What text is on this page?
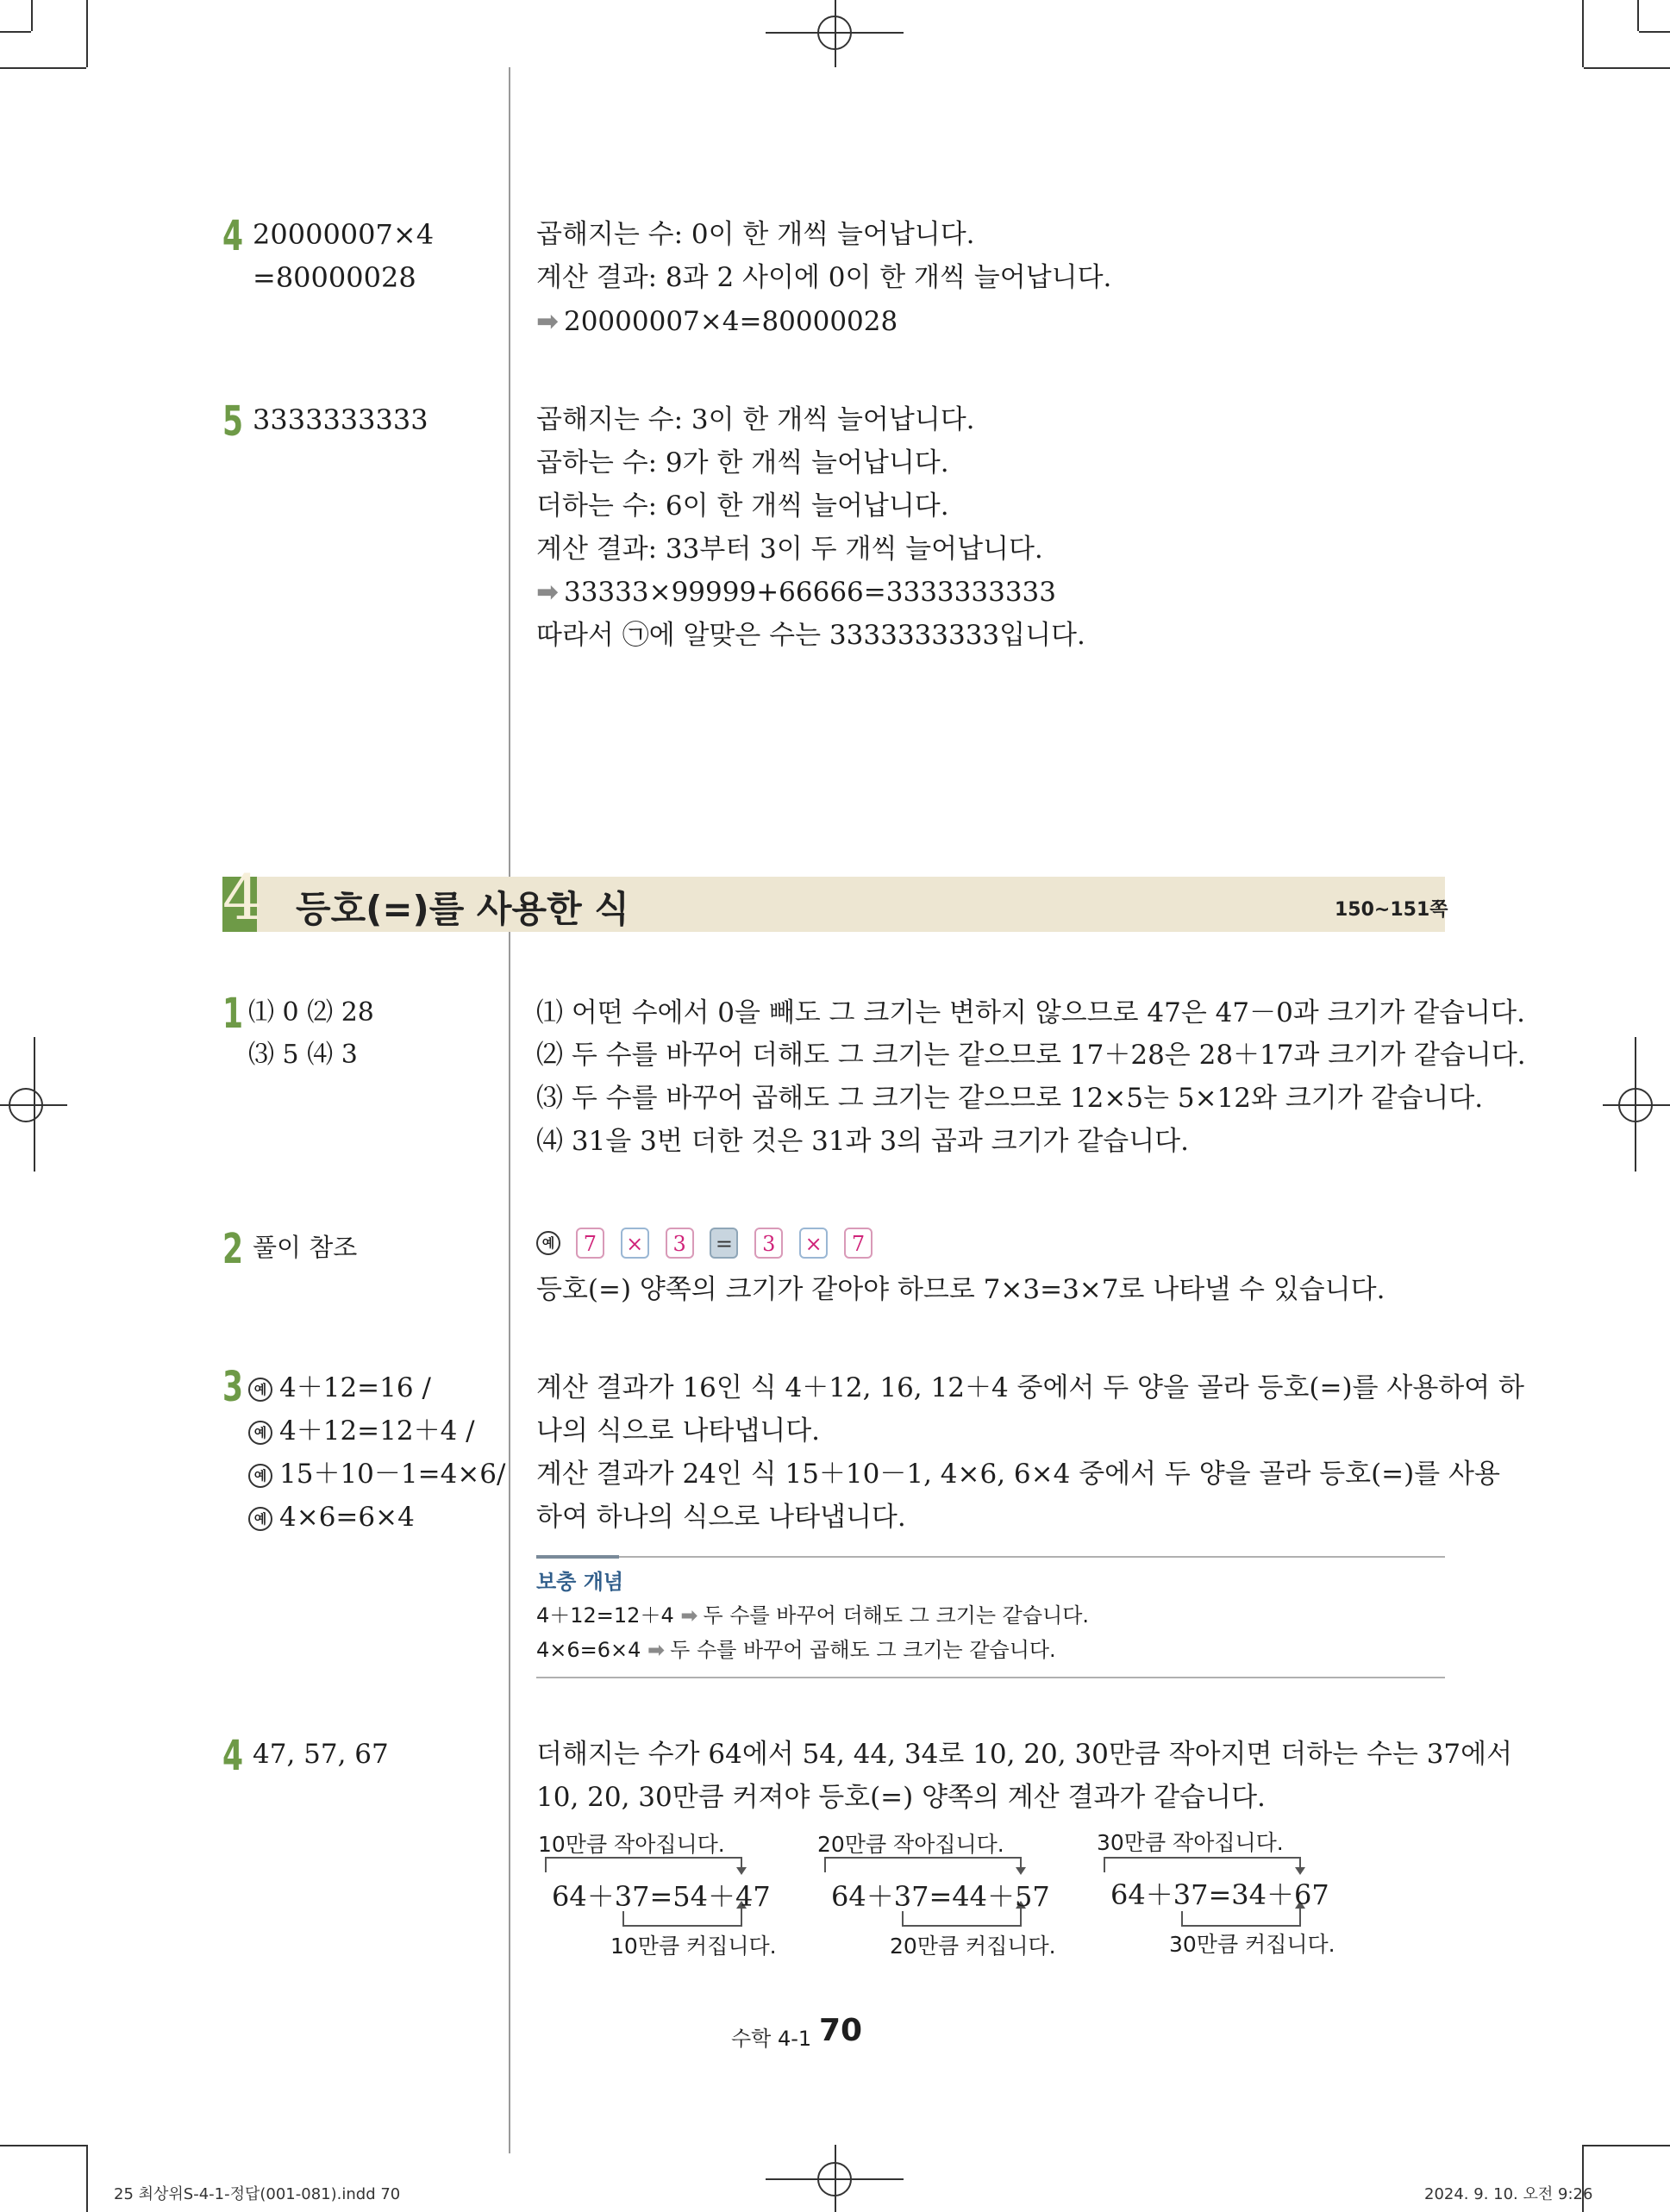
4 20000007×4
=80000028
곱해지는 수: 0이 한 개씩 늘어납니다.
계산 결과: 8과 2 사이에 0이 한 개씩 늘어납니다.
➡ 20000007×4=80000028
5 3333333333	곱해지는 수: 3이 한 개씩 늘어납니다.
곱하는 수: 9가 한 개씩 늘어납니다.
더하는 수: 6이 한 개씩 늘어납니다.
계산 결과: 33부터 3이 두 개씩 늘어납니다.
➡ 33333×99999+66666=3333333333
따라서 ㉠에 알맞은 수는 3333333333입니다.
4 등호(=)를 사용한 식	150~151쪽
1 ⑴ 0 ⑵ 28
⑶ 5 ⑷ 3
⑴ 어떤 수에서 0을 빼도 그 크기는 변하지 않으므로 47은 47－0과 크기가 같습니다.
⑵ 두 수를 바꾸어 더해도 그 크기는 같으므로 17＋28은 28＋17과 크기가 같습니다.
⑶ 두 수를 바꾸어 곱해도 그 크기는 같으므로 12×5는 5×12와 크기가 같습니다.
⑷ 31을 3번 더한 것은 31과 3의 곱과 크기가 같습니다.
2 풀이 참조	예 7 × 3 = 3 × 7
등호(=) 양쪽의 크기가 같아야 하므로 7×3=3×7로 나타낼 수 있습니다.
3 예 4＋12=16 /
예 4＋12=12＋4 /
예 15＋10－1=4×6/
예 4×6=6×4
계산 결과가 16인 식 4＋12, 16, 12＋4 중에서 두 양을 골라 등호(=)를 사용하여 하
나의 식으로 나타냅니다.
계산 결과가 24인 식 15＋10－1, 4×6, 6×4 중에서 두 양을 골라 등호(=)를 사용
하여 하나의 식으로 나타냅니다.
보충 개념
4＋12=12＋4 ➡ 두 수를 바꾸어 더해도 그 크기는 같습니다.
4×6=6×4 ➡ 두 수를 바꾸어 곱해도 그 크기는 같습니다.
4 47, 57, 67	더해지는 수가 64에서 54, 44, 34로 10, 20, 30만큼 작아지면 더하는 수는 37에서
10, 20, 30만큼 커져야 등호(=) 양쪽의 계산 결과가 같습니다.
10만큼 작아집니다.
64＋37=54＋47
10만큼 커집니다.
20만큼 작아집니다.
64＋37=44＋57
20만큼 커집니다.
30만큼 작아집니다.
64＋37=34＋67
30만큼 커집니다.
수학 4-1 70
25 최상위S-4-1-정답(001-081).indd 70	2024. 9. 10. 오전 9:26
